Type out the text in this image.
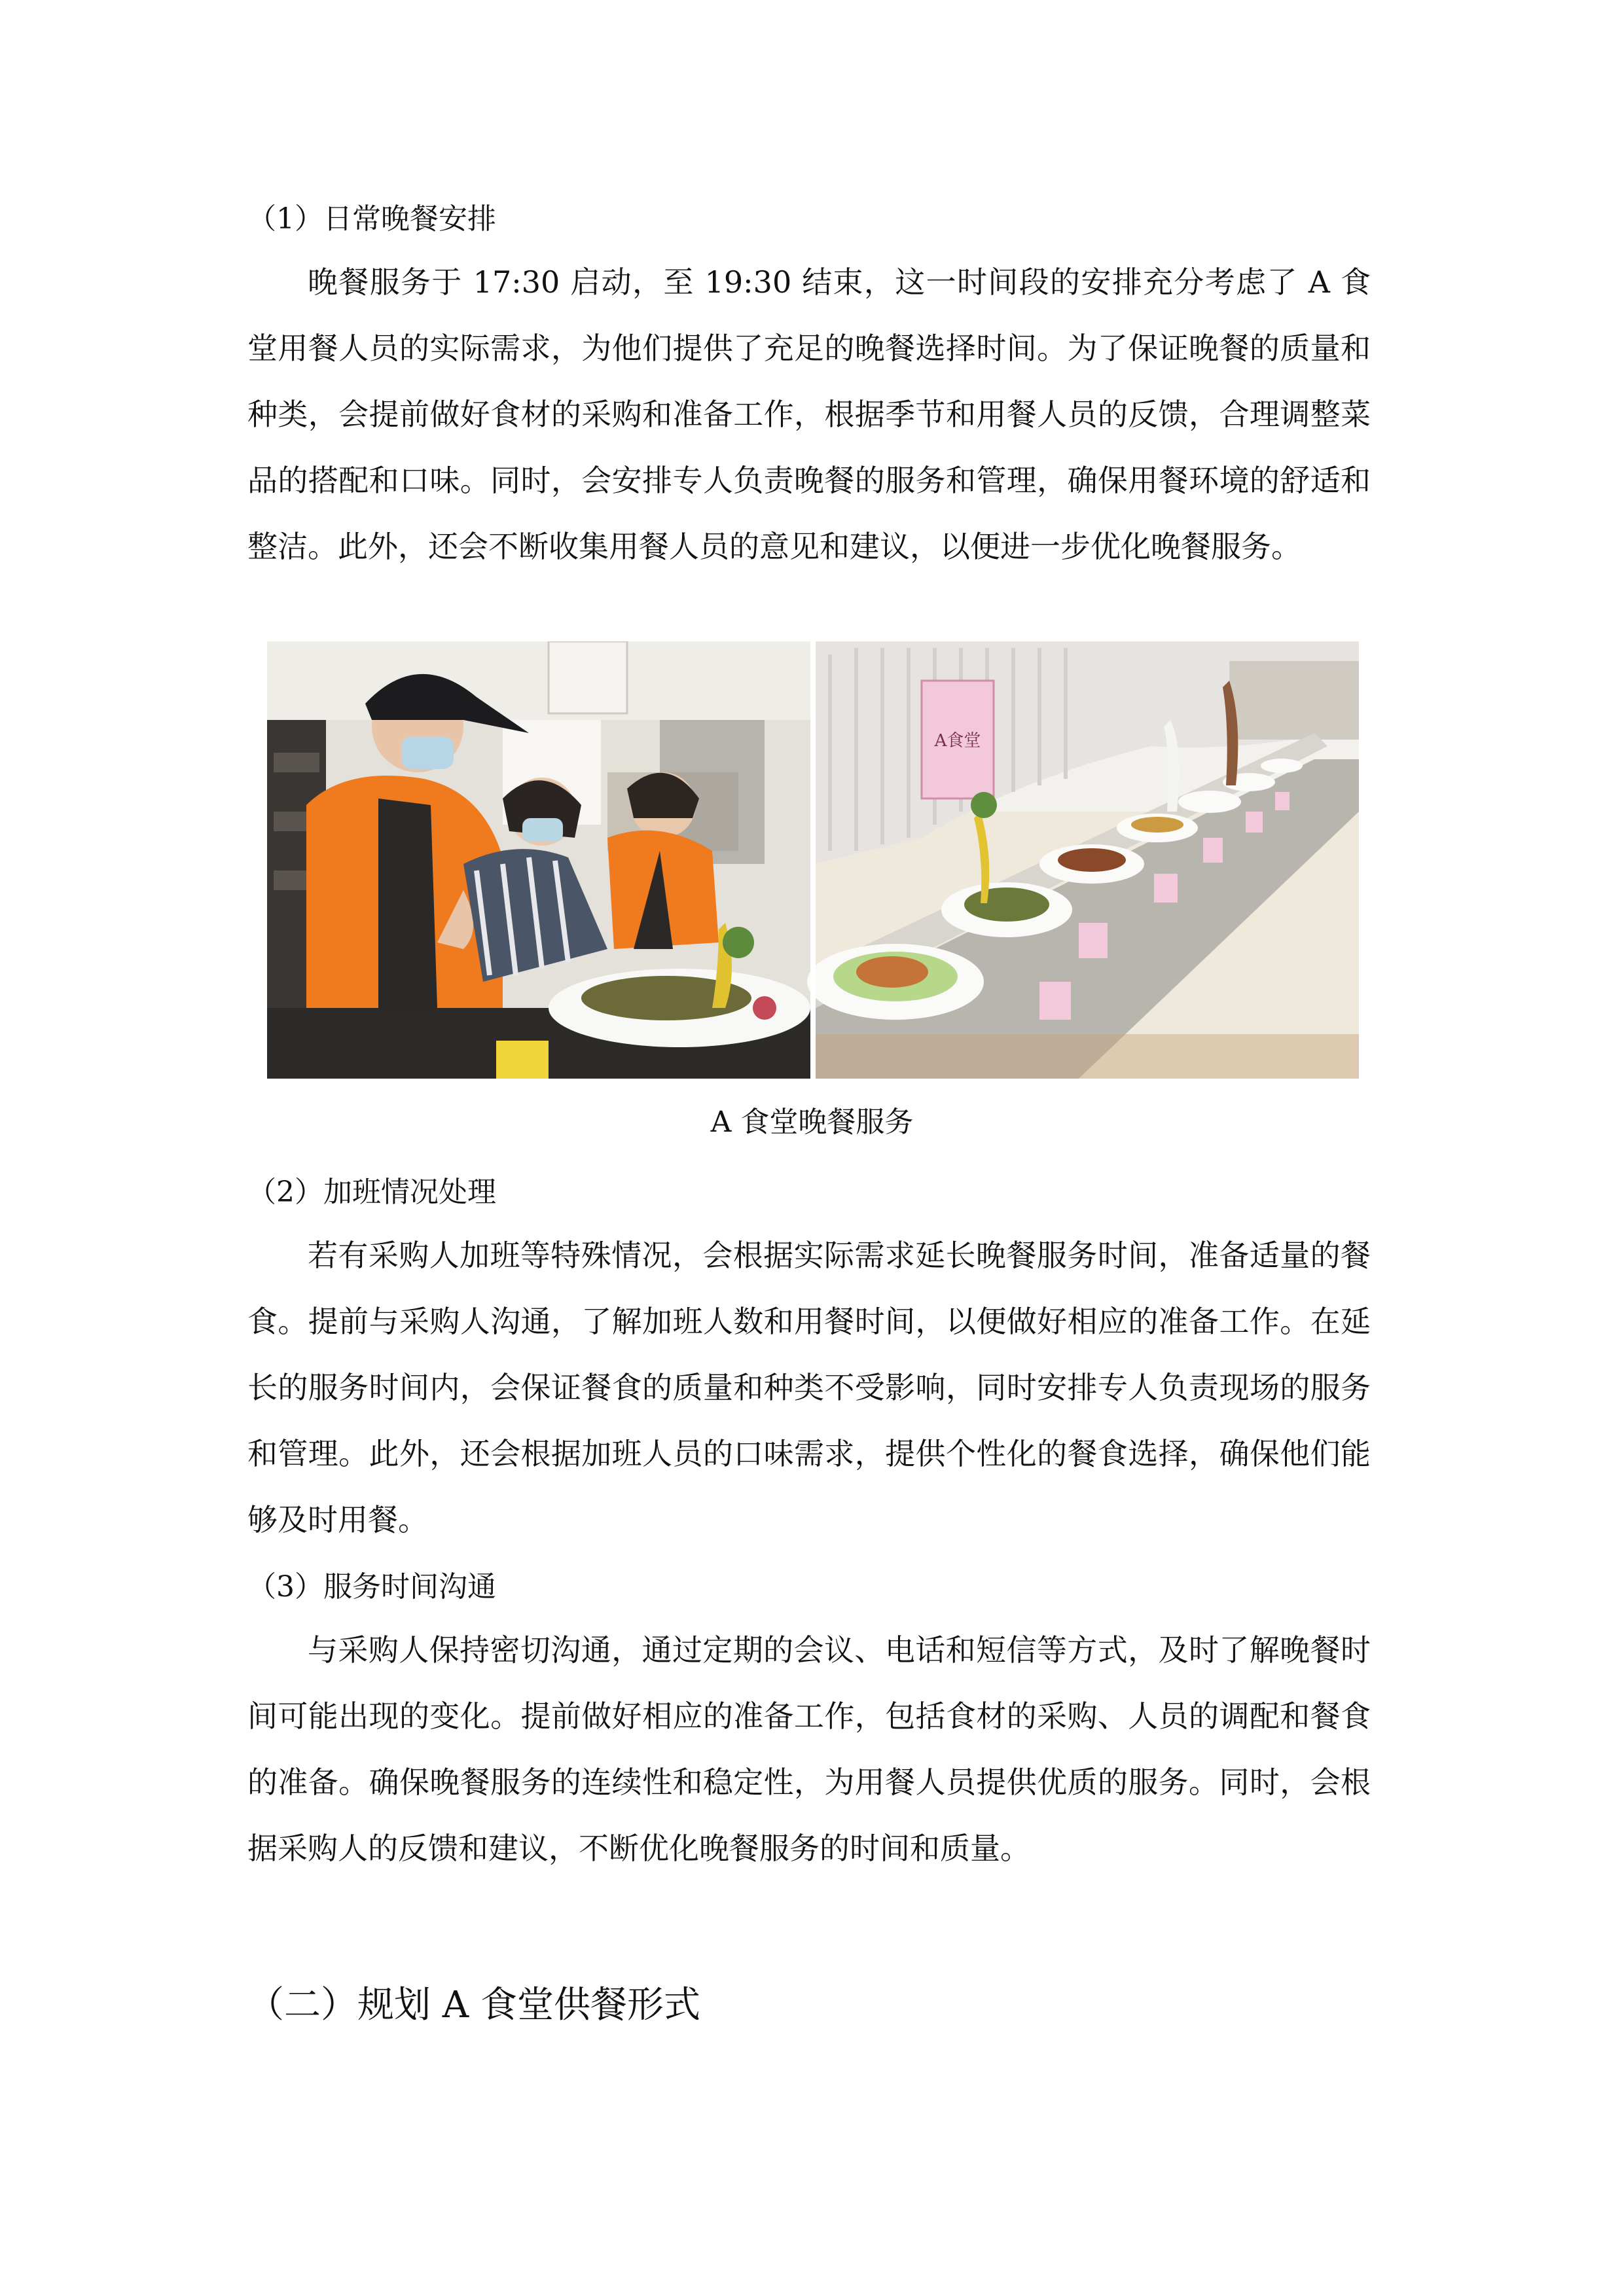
（1）日常晚餐安排

晚餐服务于 17:30 启动，至 19:30 结束，这一时间段的安排充分考虑了 A 食堂用餐人员的实际需求，为他们提供了充足的晚餐选择时间。为了保证晚餐的质量和种类，会提前做好食材的采购和准备工作，根据季节和用餐人员的反馈，合理调整菜品的搭配和口味。同时，会安排专人负责晚餐的服务和管理，确保用餐环境的舒适和整洁。此外，还会不断收集用餐人员的意见和建议，以便进一步优化晚餐服务。

A食堂
A 食堂晚餐服务
（2）加班情况处理

若有采购人加班等特殊情况，会根据实际需求延长晚餐服务时间，准备适量的餐食。提前与采购人沟通，了解加班人数和用餐时间，以便做好相应的准备工作。在延长的服务时间内，会保证餐食的质量和种类不受影响，同时安排专人负责现场的服务和管理。此外，还会根据加班人员的口味需求，提供个性化的餐食选择，确保他们能够及时用餐。

（3）服务时间沟通

与采购人保持密切沟通，通过定期的会议、电话和短信等方式，及时了解晚餐时间可能出现的变化。提前做好相应的准备工作，包括食材的采购、人员的调配和餐食的准备。确保晚餐服务的连续性和稳定性，为用餐人员提供优质的服务。同时，会根据采购人的反馈和建议，不断优化晚餐服务的时间和质量。

（二）规划 A 食堂供餐形式
